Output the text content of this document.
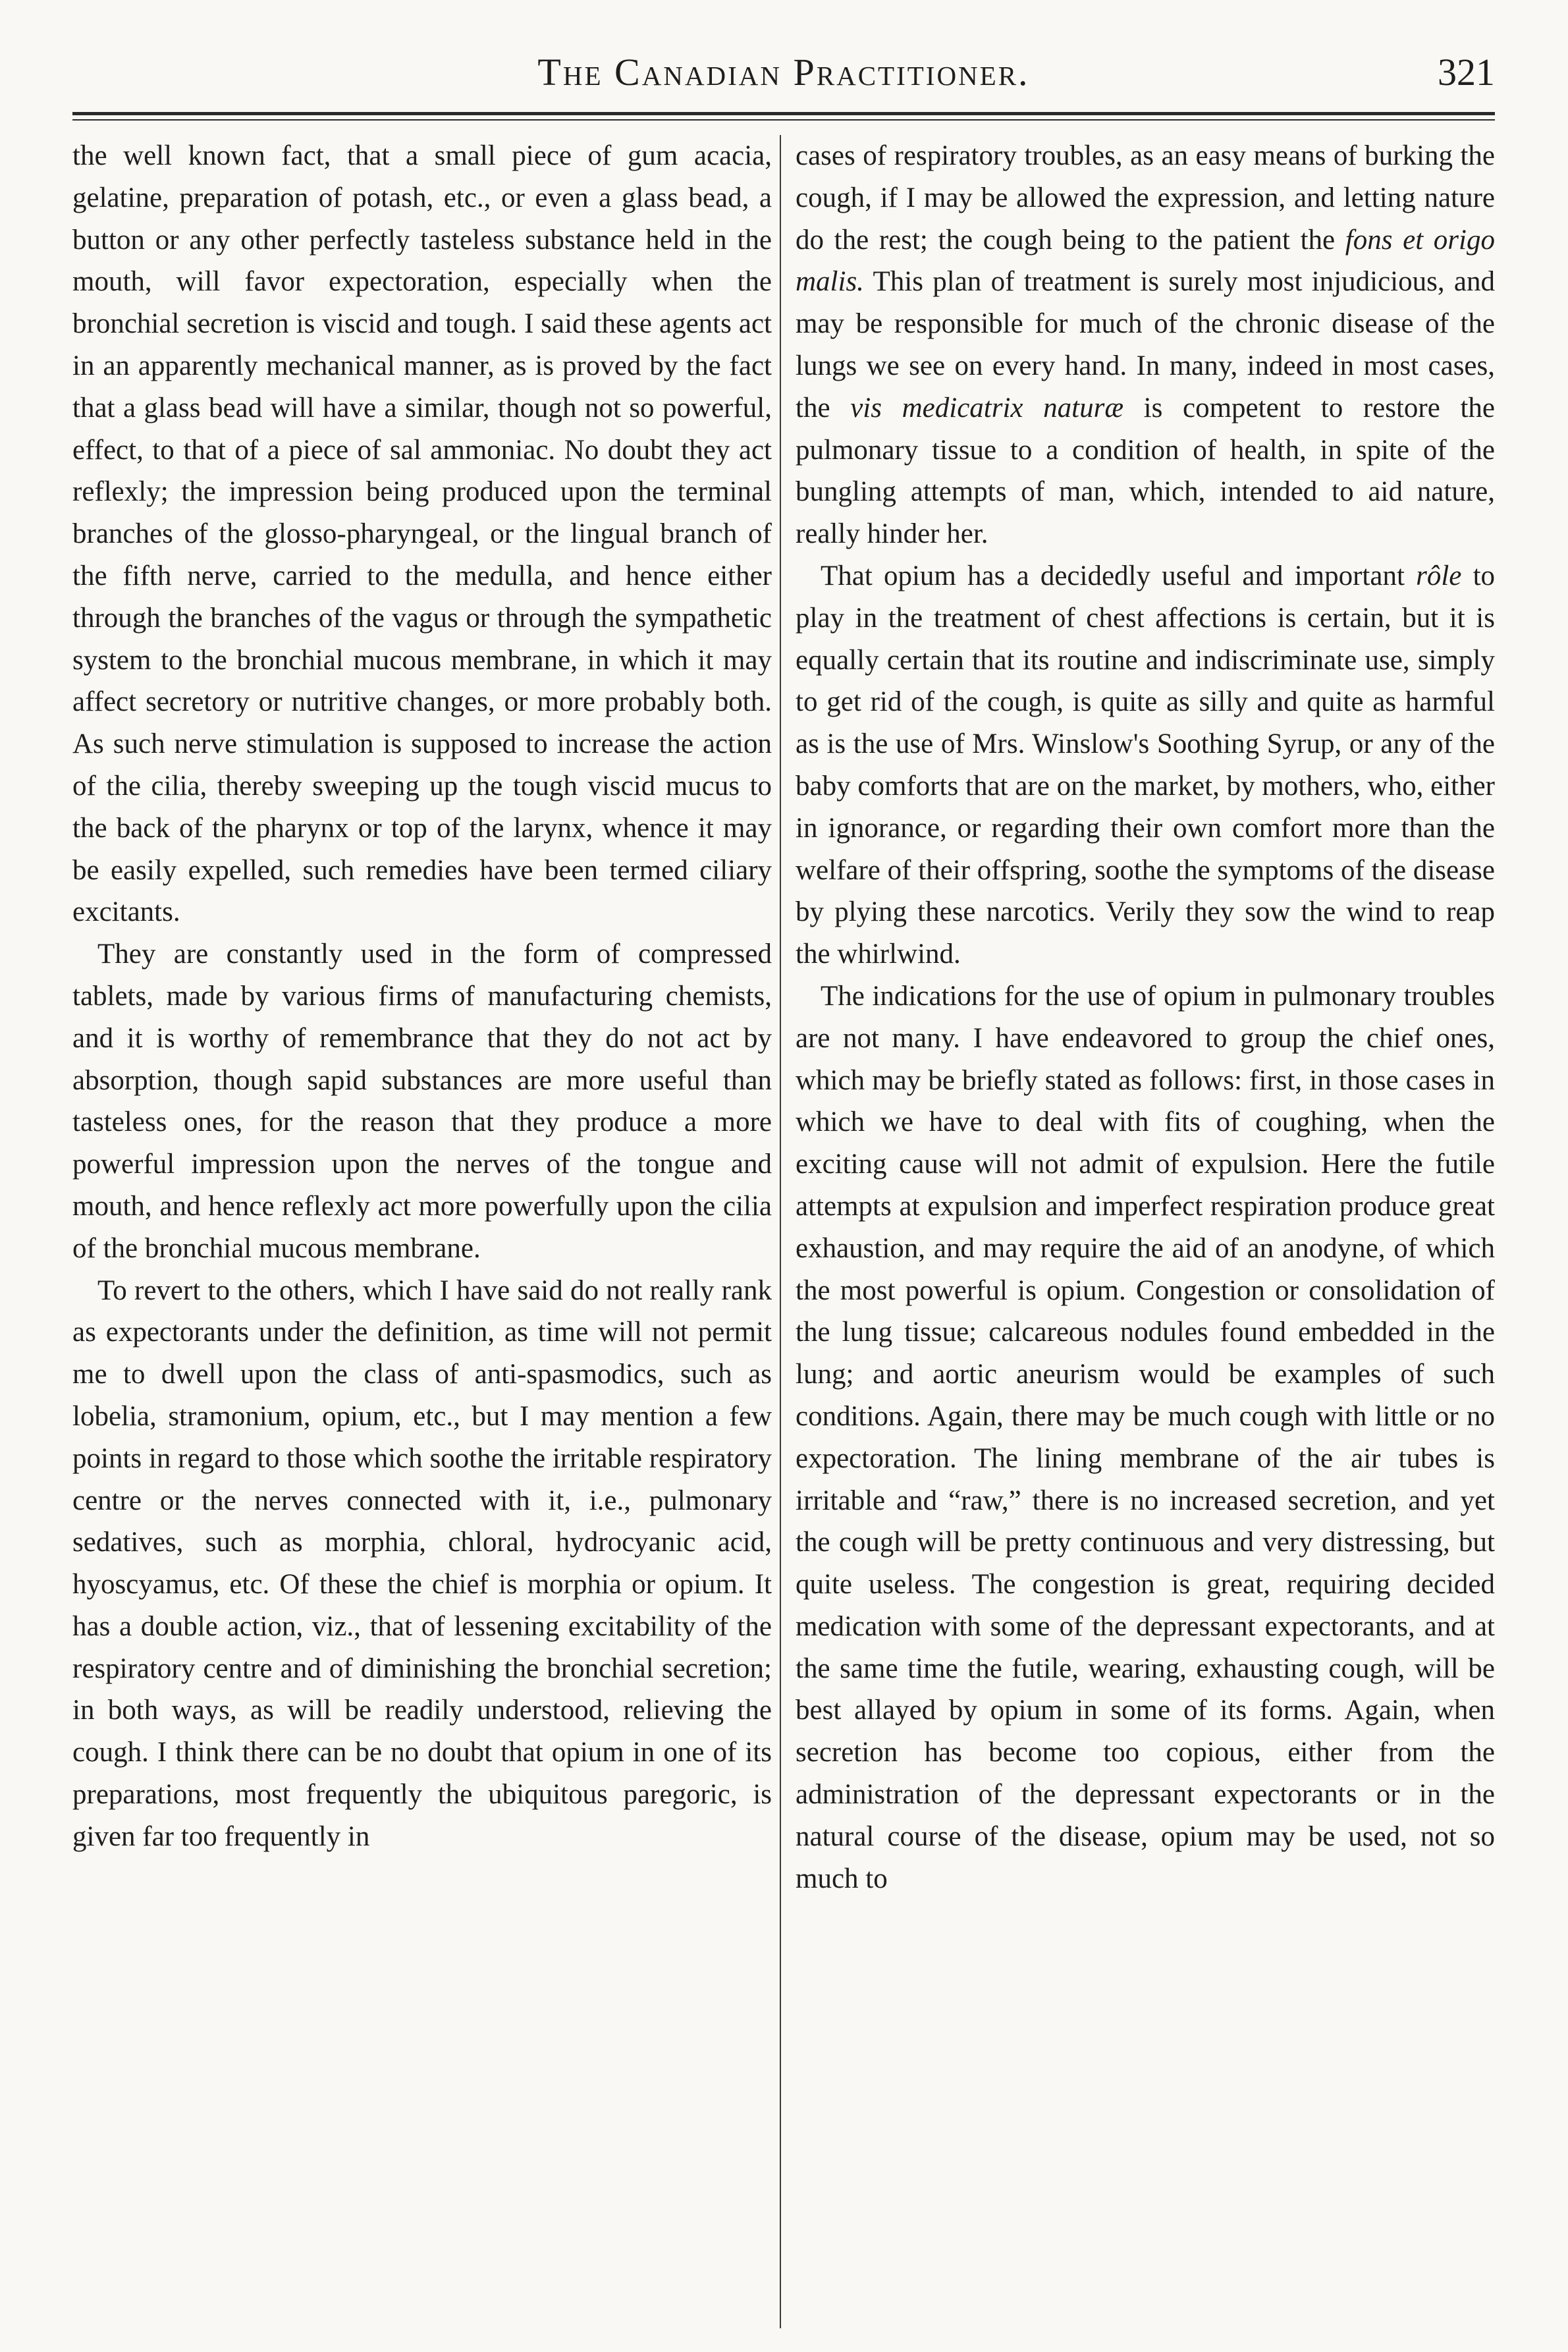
The Canadian Practitioner.	321

the well known fact, that a small piece of gum acacia, gelatine, preparation of potash, etc., or even a glass bead, a button or any other perfectly tasteless substance held in the mouth, will favor expectoration, especially when the bronchial secretion is viscid and tough. I said these agents act in an apparently mechanical manner, as is proved by the fact that a glass bead will have a similar, though not so powerful, effect, to that of a piece of sal ammoniac. No doubt they act reflexly; the impression being produced upon the terminal branches of the glosso-pharyngeal, or the lingual branch of the fifth nerve, carried to the medulla, and hence either through the branches of the vagus or through the sympathetic system to the bronchial mucous membrane, in which it may affect secretory or nutritive changes, or more probably both. As such nerve stimulation is supposed to increase the action of the cilia, thereby sweeping up the tough viscid mucus to the back of the pharynx or top of the larynx, whence it may be easily expelled, such remedies have been termed ciliary excitants.

They are constantly used in the form of compressed tablets, made by various firms of manufacturing chemists, and it is worthy of remembrance that they do not act by absorption, though sapid substances are more useful than tasteless ones, for the reason that they produce a more powerful impression upon the nerves of the tongue and mouth, and hence reflexly act more powerfully upon the cilia of the bronchial mucous membrane.

To revert to the others, which I have said do not really rank as expectorants under the definition, as time will not permit me to dwell upon the class of anti-spasmodics, such as lobelia, stramonium, opium, etc., but I may mention a few points in regard to those which soothe the irritable respiratory centre or the nerves connected with it, i.e., pulmonary sedatives, such as morphia, chloral, hydrocyanic acid, hyoscyamus, etc. Of these the chief is morphia or opium. It has a double action, viz., that of lessening excitability of the respiratory centre and of diminishing the bronchial secretion; in both ways, as will be readily understood, relieving the cough. I think there can be no doubt that opium in one of its preparations, most frequently the ubiquitous paregoric, is given far too frequently in

cases of respiratory troubles, as an easy means of burking the cough, if I may be allowed the expression, and letting nature do the rest; the cough being to the patient the fons et origo malis. This plan of treatment is surely most injudicious, and may be responsible for much of the chronic disease of the lungs we see on every hand. In many, indeed in most cases, the vis medicatrix naturæ is competent to restore the pulmonary tissue to a condition of health, in spite of the bungling attempts of man, which, intended to aid nature, really hinder her.

That opium has a decidedly useful and important rôle to play in the treatment of chest affections is certain, but it is equally certain that its routine and indiscriminate use, simply to get rid of the cough, is quite as silly and quite as harmful as is the use of Mrs. Winslow's Soothing Syrup, or any of the baby comforts that are on the market, by mothers, who, either in ignorance, or regarding their own comfort more than the welfare of their offspring, soothe the symptoms of the disease by plying these narcotics. Verily they sow the wind to reap the whirlwind.

The indications for the use of opium in pulmonary troubles are not many. I have endeavored to group the chief ones, which may be briefly stated as follows: first, in those cases in which we have to deal with fits of coughing, when the exciting cause will not admit of expulsion. Here the futile attempts at expulsion and imperfect respiration produce great exhaustion, and may require the aid of an anodyne, of which the most powerful is opium. Congestion or consolidation of the lung tissue; calcareous nodules found embedded in the lung; and aortic aneurism would be examples of such conditions. Again, there may be much cough with little or no expectoration. The lining membrane of the air tubes is irritable and “raw,” there is no increased secretion, and yet the cough will be pretty continuous and very distressing, but quite useless. The congestion is great, requiring decided medication with some of the depressant expectorants, and at the same time the futile, wearing, exhausting cough, will be best allayed by opium in some of its forms. Again, when secretion has become too copious, either from the administration of the depressant expectorants or in the natural course of the disease, opium may be used, not so much to
